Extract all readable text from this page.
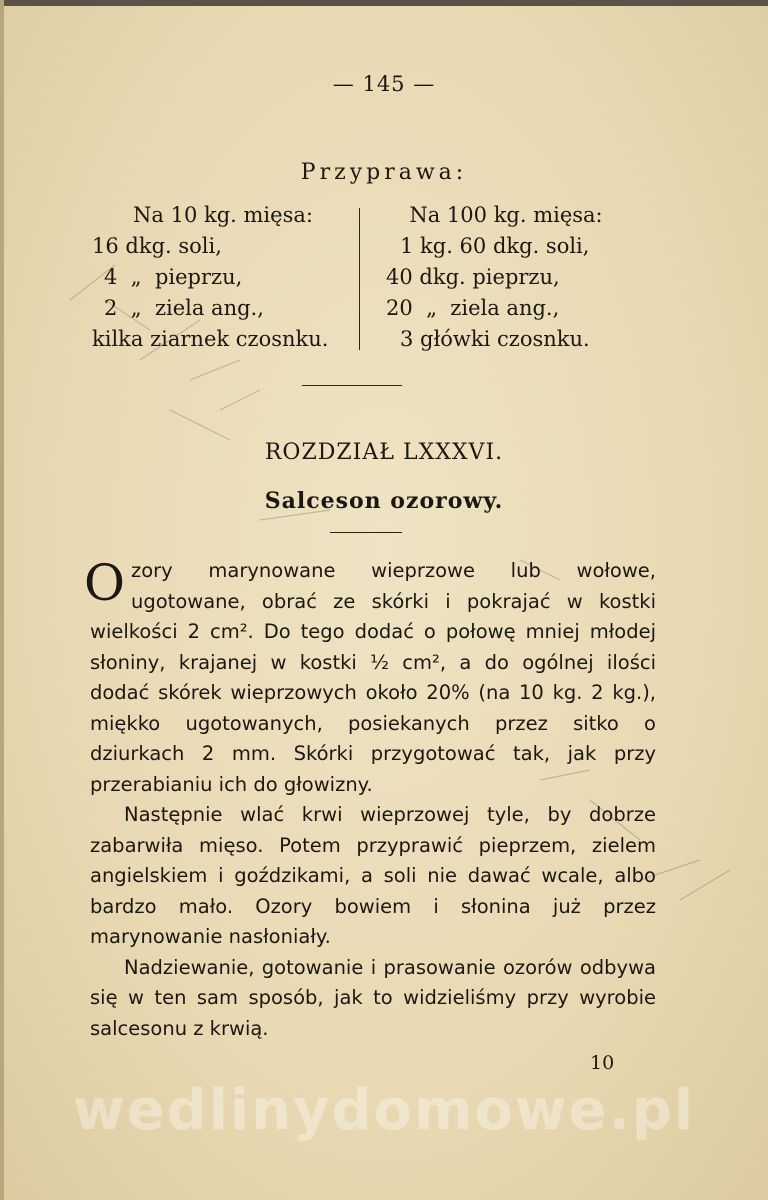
— 145 —
Przyprawa:
Na 10 kg. mięsa:
16 dkg. soli,
4  „  pieprzu,
2  „  ziela ang.,
kilka ziarnek czosnku.
Na 100 kg. mięsa:
1 kg. 60 dkg. soli,
40 dkg. pieprzu,
20  „  ziela ang.,
3 główki czosnku.
ROZDZIAŁ LXXXVI.
Salceson ozorowy.

Ozory marynowane wieprzowe lub wołowe, ugotowane, obrać ze skórki i pokrajać w kostki wielkości 2 cm². Do tego dodać o połowę mniej młodej słoniny, krajanej w kostki ½ cm², a do ogólnej ilości dodać skórek wieprzowych około 20% (na 10 kg. 2 kg.), miękko ugotowanych, posiekanych przez sitko o dziurkach 2 mm. Skórki przygotować tak, jak przy przerabianiu ich do głowizny.

Następnie wlać krwi wieprzowej tyle, by dobrze zabarwiła mięso. Potem przyprawić pieprzem, zielem angielskiem i goździkami, a soli nie dawać wcale, albo bardzo mało. Ozory bowiem i słonina już przez marynowanie nasłoniały.

Nadziewanie, gotowanie i prasowanie ozorów odbywa się w ten sam sposób, jak to widzieliśmy przy wyrobie salcesonu z krwią.

10
wedlinydomowe.pl
